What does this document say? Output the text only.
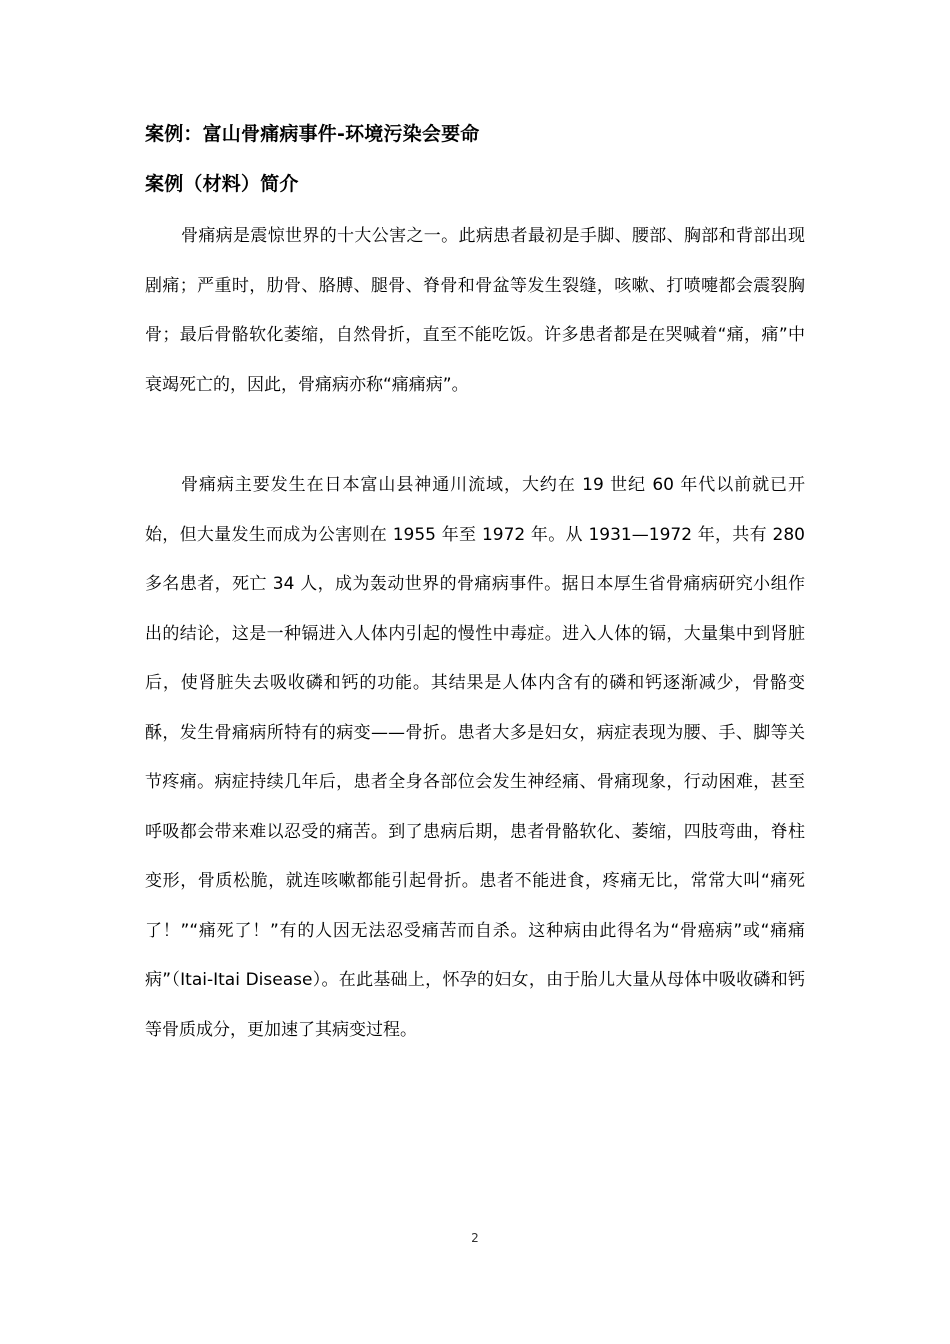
案例：富山骨痛病事件-环境污染会要命
案例（材料）简介

骨痛病是震惊世界的十大公害之一。此病患者最初是手脚、腰部、胸部和背部出现剧痛；严重时，肋骨、胳膊、腿骨、脊骨和骨盆等发生裂缝，咳嗽、打喷嚏都会震裂胸骨；最后骨骼软化萎缩，自然骨折，直至不能吃饭。许多患者都是在哭喊着“痛，痛”中衰竭死亡的，因此，骨痛病亦称“痛痛病”。

骨痛病主要发生在日本富山县神通川流域，大约在 19 世纪 60 年代以前就已开始，但大量发生而成为公害则在 1955 年至 1972 年。从 1931—1972 年，共有 280 多名患者，死亡 34 人，成为轰动世界的骨痛病事件。据日本厚生省骨痛病研究小组作出的结论，这是一种镉进入人体内引起的慢性中毒症。进入人体的镉，大量集中到肾脏后，使肾脏失去吸收磷和钙的功能。其结果是人体内含有的磷和钙逐渐减少，骨骼变酥，发生骨痛病所特有的病变——骨折。患者大多是妇女，病症表现为腰、手、脚等关节疼痛。病症持续几年后，患者全身各部位会发生神经痛、骨痛现象，行动困难，甚至呼吸都会带来难以忍受的痛苦。到了患病后期，患者骨骼软化、萎缩，四肢弯曲，脊柱变形，骨质松脆，就连咳嗽都能引起骨折。患者不能进食，疼痛无比，常常大叫“痛死了！”“痛死了！”有的人因无法忍受痛苦而自杀。这种病由此得名为“骨癌病”或“痛痛病”（Itai-Itai Disease）。在此基础上，怀孕的妇女，由于胎儿大量从母体中吸收磷和钙等骨质成分，更加速了其病变过程。

2
